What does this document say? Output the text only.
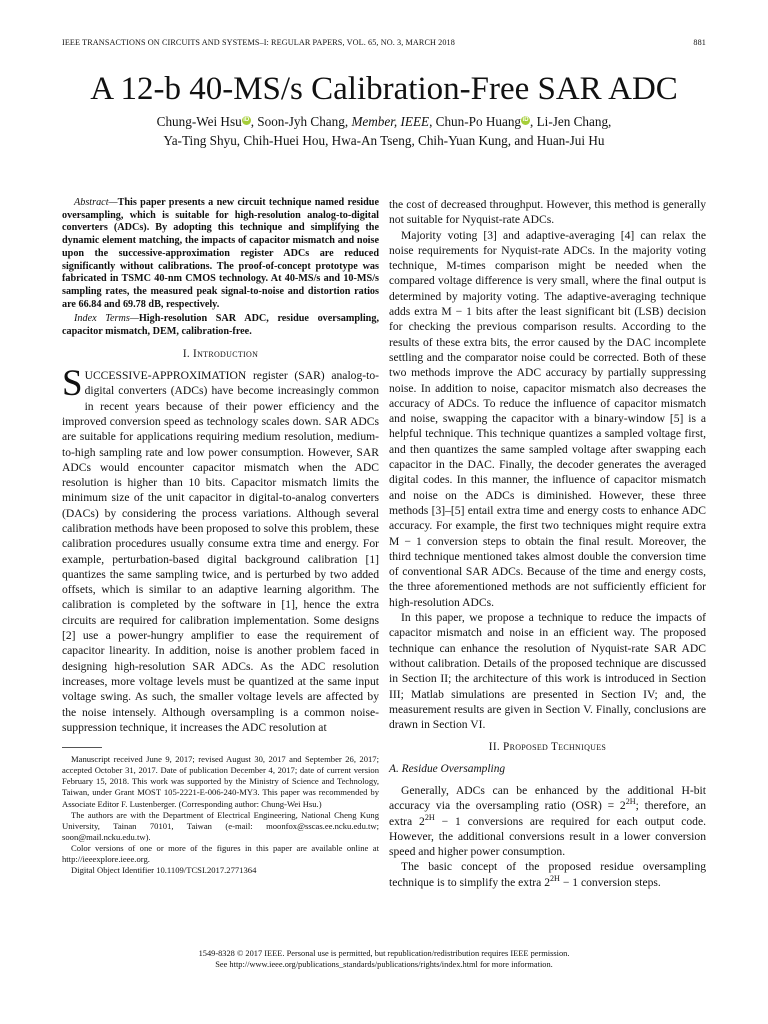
IEEE TRANSACTIONS ON CIRCUITS AND SYSTEMS–I: REGULAR PAPERS, VOL. 65, NO. 3, MARCH 2018	881
A 12-b 40-MS/s Calibration-Free SAR ADC
Chung-Wei Hsu iD , Soon-Jyh Chang, Member, IEEE, Chun-Po Huang iD , Li-Jen Chang,
Ya-Ting Shyu, Chih-Huei Hou, Hwa-An Tseng, Chih-Yuan Kung, and Huan-Jui Hu

Abstract—This paper presents a new circuit technique named residue oversampling, which is suitable for high-resolution analog-to-digital converters (ADCs). By adopting this technique and simplifying the dynamic element matching, the impacts of capacitor mismatch and noise upon the successive-approximation register ADCs are reduced significantly without calibrations. The proof-of-concept prototype was fabricated in TSMC 40-nm CMOS technology. At 40-MS/s and 10-MS/s sampling rates, the measured peak signal-to-noise and distortion ratios are 66.84 and 69.78 dB, respectively.

Index Terms—High-resolution SAR ADC, residue oversampling, capacitor mismatch, DEM, calibration-free.

I. Introduction

SUCCESSIVE-APPROXIMATION register (SAR) analog-to-digital converters (ADCs) have become increasingly common in recent years because of their power efficiency and the improved conversion speed as technology scales down. SAR ADCs are suitable for applications requiring medium resolution, medium-to-high sampling rate and low power consumption. However, SAR ADCs would encounter capacitor mismatch when the ADC resolution is higher than 10 bits. Capacitor mismatch limits the minimum size of the unit capacitor in digital-to-analog converters (DACs) by considering the process variations. Although several calibration methods have been proposed to solve this problem, these calibration procedures usually consume extra time and energy. For example, perturbation-based digital background calibration [1] quantizes the same sampling twice, and is perturbed by two added offsets, which is similar to an adaptive learning algorithm. The calibration is completed by the software in [1], hence the extra circuits are required for calibration implementation. Some designs [2] use a power-hungry amplifier to ease the requirement of capacitor linearity. In addition, noise is another problem faced in designing high-resolution SAR ADCs. As the ADC resolution increases, more voltage levels must be quantized at the same input voltage swing. As such, the smaller voltage levels are affected by the noise intensely. Although oversampling is a common noise-suppression technique, it increases the ADC resolution at

Manuscript received June 9, 2017; revised August 30, 2017 and September 26, 2017; accepted October 31, 2017. Date of publication December 4, 2017; date of current version February 15, 2018. This work was supported by the Ministry of Science and Technology, Taiwan, under Grant MOST 105-2221-E-006-240-MY3. This paper was recommended by Associate Editor F. Lustenberger. (Corresponding author: Chung-Wei Hsu.)

The authors are with the Department of Electrical Engineering, National Cheng Kung University, Tainan 70101, Taiwan (e-mail: moonfox@sscas.ee.ncku.edu.tw; soon@mail.ncku.edu.tw).

Color versions of one or more of the figures in this paper are available online at http://ieeexplore.ieee.org.

Digital Object Identifier 10.1109/TCSI.2017.2771364

the cost of decreased throughput. However, this method is generally not suitable for Nyquist-rate ADCs.

Majority voting [3] and adaptive-averaging [4] can relax the noise requirements for Nyquist-rate ADCs. In the majority voting technique, M-times comparison might be needed when the compared voltage difference is very small, where the final output is determined by majority voting. The adaptive-averaging technique adds extra M − 1 bits after the least significant bit (LSB) decision for checking the previous comparison results. According to the results of these extra bits, the error caused by the DAC incomplete settling and the comparator noise could be corrected. Both of these two methods improve the ADC accuracy by partially suppressing noise. In addition to noise, capacitor mismatch also decreases the accuracy of ADCs. To reduce the influence of capacitor mismatch and noise, swapping the capacitor with a binary-window [5] is a helpful technique. This technique quantizes a sampled voltage first, and then quantizes the same sampled voltage after swapping each capacitor in the DAC. Finally, the decoder generates the averaged digital codes. In this manner, the influence of capacitor mismatch and noise on the ADCs is diminished. However, these three methods [3]–[5] entail extra time and energy costs to enhance ADC accuracy. For example, the first two techniques might require extra M − 1 conversion steps to obtain the final result. Moreover, the third technique mentioned takes almost double the conversion time of conventional SAR ADCs. Because of the time and energy costs, the three aforementioned methods are not sufficiently efficient for high-resolution ADCs.

In this paper, we propose a technique to reduce the impacts of capacitor mismatch and noise in an efficient way. The proposed technique can enhance the resolution of Nyquist-rate SAR ADC without calibration. Details of the proposed technique are discussed in Section II; the architecture of this work is introduced in Section III; Matlab simulations are presented in Section IV; and, the measurement results are given in Section V. Finally, conclusions are drawn in Section VI.

II. Proposed Techniques
A. Residue Oversampling

Generally, ADCs can be enhanced by the additional H-bit accuracy via the oversampling ratio $(OSR) = 2^{2H}$; therefore, an extra $2^{2H} - 1$ conversions are required for each output code. However, the additional conversions result in a lower conversion speed and higher power consumption.

The basic concept of the proposed residue oversampling technique is to simplify the extra $2^{2H} - 1$ conversion steps.

1549-8328 © 2017 IEEE. Personal use is permitted, but republication/redistribution requires IEEE permission.
See http://www.ieee.org/publications_standards/publications/rights/index.html for more information.
